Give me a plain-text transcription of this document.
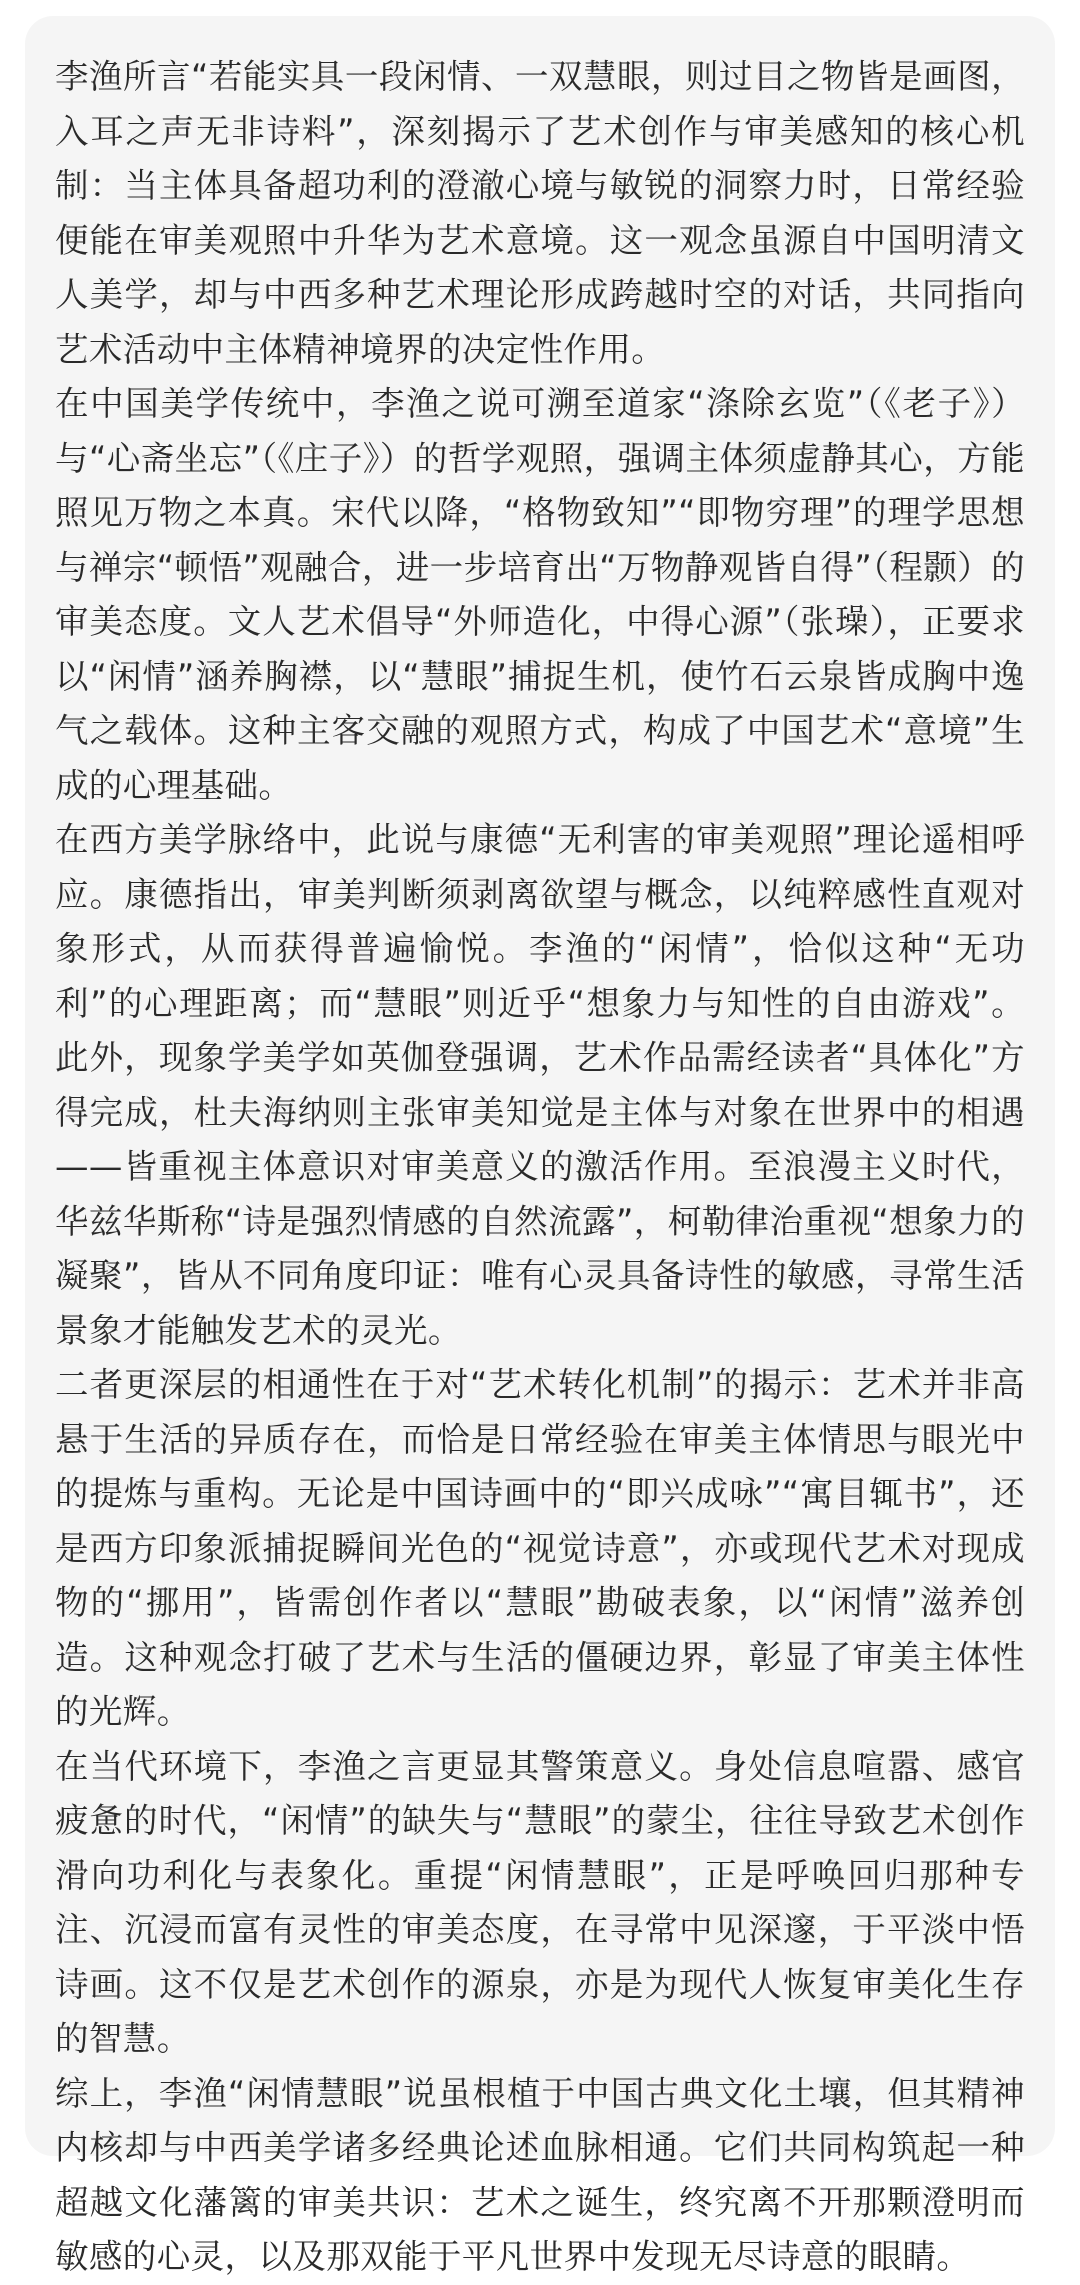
李渔所言“若能实具一段闲情、一双慧眼，则过目之物皆是画图，入耳之声无非诗料”，深刻揭示了艺术创作与审美感知的核心机制：当主体具备超功利的澄澈心境与敏锐的洞察力时，日常经验便能在审美观照中升华为艺术意境。这一观念虽源自中国明清文人美学，却与中西多种艺术理论形成跨越时空的对话，共同指向艺术活动中主体精神境界的决定性作用。

在中国美学传统中，李渔之说可溯至道家“涤除玄览”（《老子》）与“心斋坐忘”（《庄子》）的哲学观照，强调主体须虚静其心，方能照见万物之本真。宋代以降，“格物致知”“即物穷理”的理学思想与禅宗“顿悟”观融合，进一步培育出“万物静观皆自得”（程颢）的审美态度。文人艺术倡导“外师造化，中得心源”（张璪），正要求以“闲情”涵养胸襟，以“慧眼”捕捉生机，使竹石云泉皆成胸中逸气之载体。这种主客交融的观照方式，构成了中国艺术“意境”生成的心理基础。

在西方美学脉络中，此说与康德“无利害的审美观照”理论遥相呼应。康德指出，审美判断须剥离欲望与概念，以纯粹感性直观对象形式，从而获得普遍愉悦。李渔的“闲情”，恰似这种“无功利”的心理距离；而“慧眼”则近乎“想象力与知性的自由游戏”。此外，现象学美学如英伽登强调，艺术作品需经读者“具体化”方得完成，杜夫海纳则主张审美知觉是主体与对象在世界中的相遇——皆重视主体意识对审美意义的激活作用。至浪漫主义时代，华兹华斯称“诗是强烈情感的自然流露”，柯勒律治重视“想象力的凝聚”，皆从不同角度印证：唯有心灵具备诗性的敏感，寻常生活景象才能触发艺术的灵光。

二者更深层的相通性在于对“艺术转化机制”的揭示：艺术并非高悬于生活的异质存在，而恰是日常经验在审美主体情思与眼光中的提炼与重构。无论是中国诗画中的“即兴成咏”“寓目辄书”，还是西方印象派捕捉瞬间光色的“视觉诗意”，亦或现代艺术对现成物的“挪用”，皆需创作者以“慧眼”勘破表象，以“闲情”滋养创造。这种观念打破了艺术与生活的僵硬边界，彰显了审美主体性的光辉。

在当代环境下，李渔之言更显其警策意义。身处信息喧嚣、感官疲惫的时代，“闲情”的缺失与“慧眼”的蒙尘，往往导致艺术创作滑向功利化与表象化。重提“闲情慧眼”，正是呼唤回归那种专注、沉浸而富有灵性的审美态度，在寻常中见深邃，于平淡中悟诗画。这不仅是艺术创作的源泉，亦是为现代人恢复审美化生存的智慧。

综上，李渔“闲情慧眼”说虽根植于中国古典文化土壤，但其精神内核却与中西美学诸多经典论述血脉相通。它们共同构筑起一种超越文化藩篱的审美共识：艺术之诞生，终究离不开那颗澄明而敏感的心灵，以及那双能于平凡世界中发现无尽诗意的眼睛。
